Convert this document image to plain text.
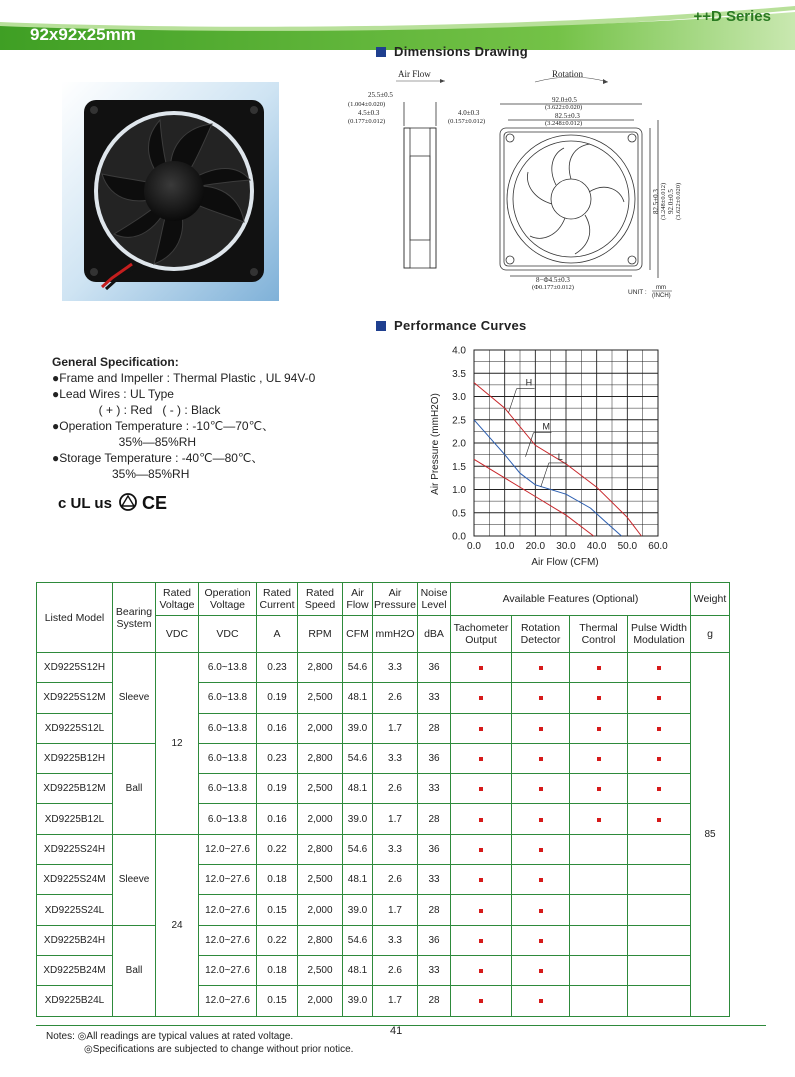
++D Series
92x92x25mm
Dimensions Drawing
Performance Curves
Air Flow
25.5±0.5
(1.004±0.020)
4.5±0.3
(0.177±0.012)
4.0±0.3
(0.157±0.012)
Rotation
92.0±0.5
(3.622±0.020)
82.5±0.3
(3.248±0.012)
82.5±0.3 (3.248±0.012) 92.0±0.5 (3.622±0.020)
8−Φ4.5±0.3
(Φ0.177±0.012)
UNIT :
mm
(INCH)
General Specification:
●Frame and Impeller : Thermal Plastic , UL 94V-0
●Lead Wires : UL Type
( + ) : Red   ( - ) : Black
●Operation Temperature : -10℃—70℃、
35%—85%RH
●Storage Temperature : -40℃—80℃、
35%—85%RH
c UL us CE
H
M
L
0.0 10.0 20.0 30.0 40.0 50.0 60.0
0.0
0.5
1.0
1.5
2.0
2.5
3.0
3.5
4.0
Air Flow (CFM)
Air Pressure (mmH2O)
Listed Model	Bearing System	Rated Voltage	Operation Voltage	Rated Current	Rated Speed	Air Flow	Air Pressure	Noise Level	Available Features (Optional)				Weight
		VDC	VDC	A	RPM	CFM	mmH2O	dBA	Tachometer Output	Rotation Detector	Thermal Control	Pulse Width Modulation	g
XD9225S12H	Sleeve	12	6.0~13.8	0.23	2,800	54.6	3.3	36					85
XD9225S12M			6.0~13.8	0.19	2,500	48.1	2.6	33					
XD9225S12L			6.0~13.8	0.16	2,000	39.0	1.7	28					
XD9225B12H	Ball		6.0~13.8	0.23	2,800	54.6	3.3	36					
XD9225B12M			6.0~13.8	0.19	2,500	48.1	2.6	33					
XD9225B12L			6.0~13.8	0.16	2,000	39.0	1.7	28					
XD9225S24H	Sleeve	24	12.0~27.6	0.22	2,800	54.6	3.3	36					
XD9225S24M			12.0~27.6	0.18	2,500	48.1	2.6	33					
XD9225S24L			12.0~27.6	0.15	2,000	39.0	1.7	28					
XD9225B24H	Ball		12.0~27.6	0.22	2,800	54.6	3.3	36					
XD9225B24M			12.0~27.6	0.18	2,500	48.1	2.6	33					
XD9225B24L			12.0~27.6	0.15	2,000	39.0	1.7	28					
41
Notes: ◎All readings are typical values at rated voltage.
◎Specifications are subjected to change without prior notice.
